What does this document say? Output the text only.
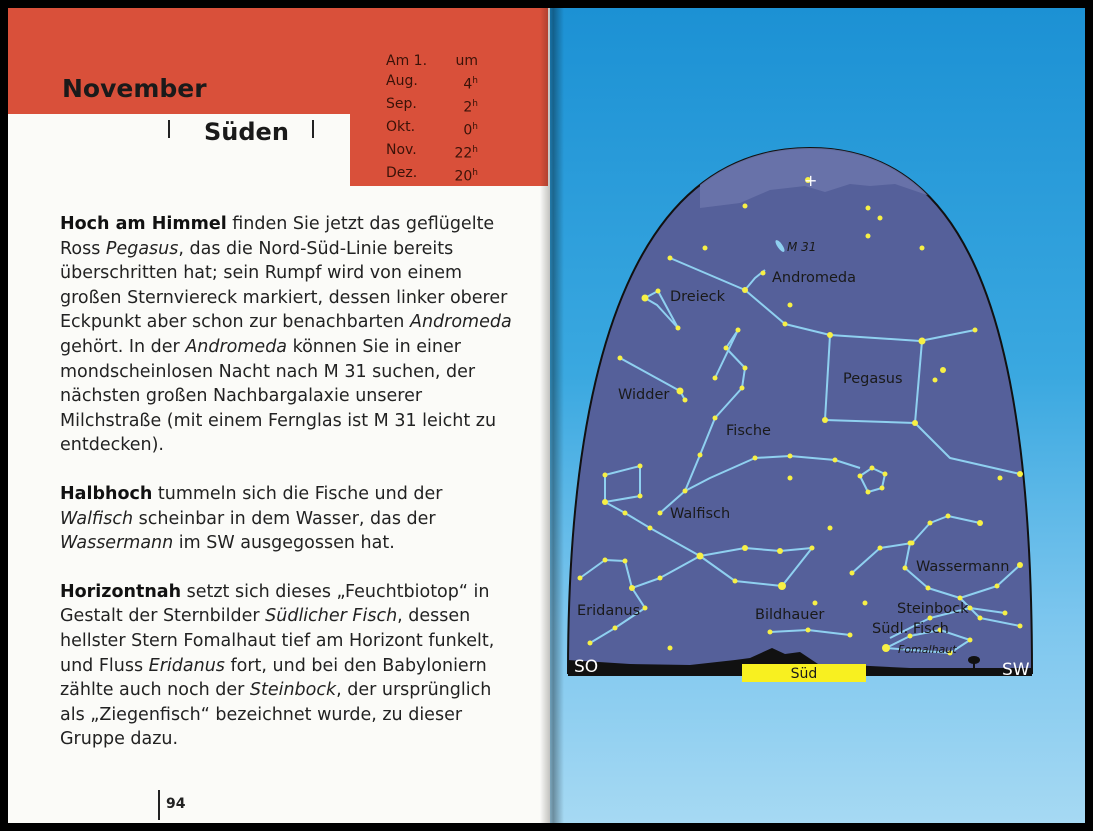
November
Süden
Am 1. um
Aug.	4$^h$
Sep.	2$^h$
Okt.	0$^h$
Nov.	22$^h$
Dez.	20$^h$

Hoch am Himmel finden Sie jetzt das geflügelte Ross Pegasus, das die Nord-Süd-Linie bereits überschritten hat; sein Rumpf wird von einem großen Sternviereck markiert, dessen linker oberer Eckpunkt aber schon zur benachbarten Andromeda gehört. In der Andromeda können Sie in einer mondscheinlosen Nacht nach M 31 suchen, der nächsten großen Nachbargalaxie unserer Milchstraße (mit einem Fernglas ist M 31 leicht zu entdecken).

Halbhoch tummeln sich die Fische und der Walfisch scheinbar in dem Wasser, das der Wassermann im SW ausgegossen hat.

Horizontnah setzt sich dieses „Feuchtbiotop“ in Gestalt der Sternbilder Südlicher Fisch, dessen hellster Stern Fomalhaut tief am Horizont funkelt, und Fluss Eridanus fort, und bei den Babyloniern zählte auch noch der Steinbock, der ursprünglich als „Ziegenfisch“ bezeichnet wurde, zu dieser Gruppe dazu.

94
M 31
Andromeda
Dreieck
Pegasus
Widder
Fische
Walfisch
Wassermann
Eridanus	Bildhauer	Steinbock
Südl. Fisch
Fomalhaut
+
SO	Süd	SW
